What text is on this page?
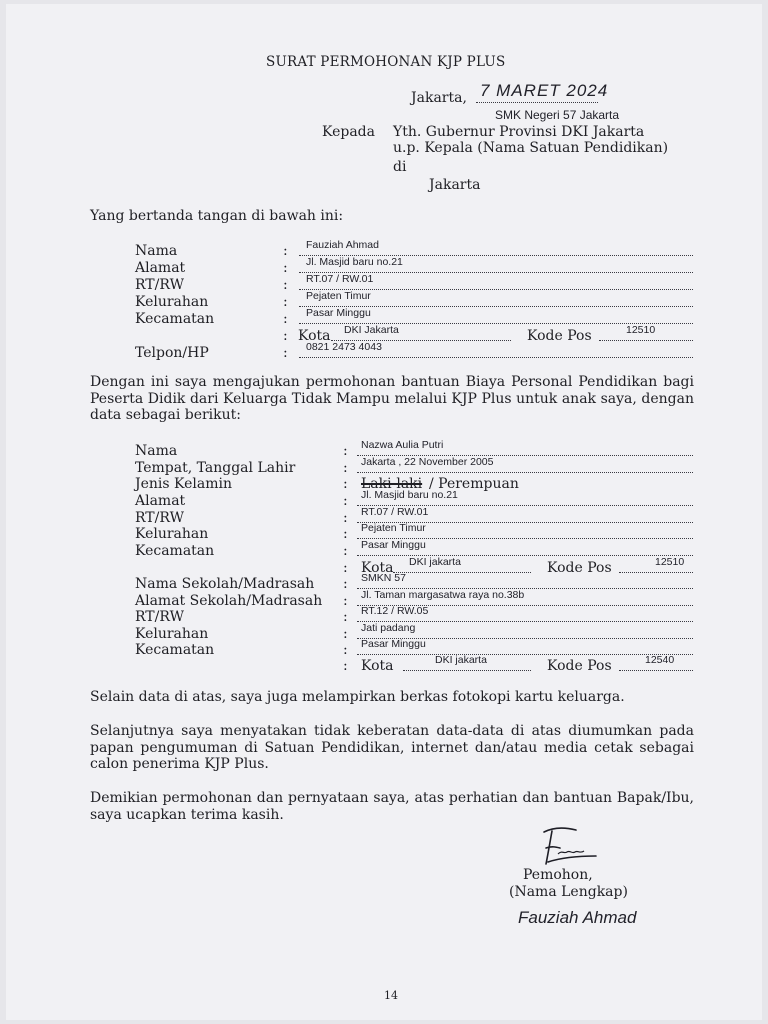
SURAT PERMOHONAN KJP PLUS
Jakarta, 7 MARET 2024
SMK Negeri 57 Jakarta
Kepada Yth. Gubernur Provinsi DKI Jakarta
u.p. Kepala (Nama Satuan Pendidikan)
di
Jakarta
Yang bertanda tangan di bawah ini:
Nama	: Fauziah Ahmad
Alamat	: Jl. Masjid baru no.21
RT/RW	: RT.07 / RW.01
Kelurahan	: Pejaten Timur
Kecamatan	: Pasar Minggu
: Kota DKI Jakarta	Kode Pos	12510
Telpon/HP	: 0821 2473 4043
Dengan ini saya mengajukan permohonan bantuan Biaya Personal Pendidikan bagi Peserta Didik dari Keluarga Tidak Mampu melalui KJP Plus untuk anak saya, dengan data sebagai berikut:
Nama	: Nazwa Aulia Putri
Tempat, Tanggal Lahir	: Jakarta , 22 November 2005
Jenis Kelamin	: Laki-laki / Perempuan
Alamat	: Jl. Masjid baru no.21
RT/RW	: RT.07 / RW.01
Kelurahan	: Pejaten Timur
Kecamatan	: Pasar Minggu
: Kota DKI jakarta	Kode Pos	12510
Nama Sekolah/Madrasah : SMKN 57
Alamat Sekolah/Madrasah : Jl. Taman margasatwa raya no.38b
RT/RW	: RT.12 / RW.05
Kelurahan	: Jati padang
Kecamatan	: Pasar Minggu
: Kota	DKI jakarta	Kode Pos	12540
Selain data di atas, saya juga melampirkan berkas fotokopi kartu keluarga.
Selanjutnya saya menyatakan tidak keberatan data-data di atas diumumkan pada papan pengumuman di Satuan Pendidikan, internet dan/atau media cetak sebagai calon penerima KJP Plus.
Demikian permohonan dan pernyataan saya, atas perhatian dan bantuan Bapak/Ibu, saya ucapkan terima kasih.
Pemohon,
(Nama Lengkap)
Fauziah Ahmad
14
